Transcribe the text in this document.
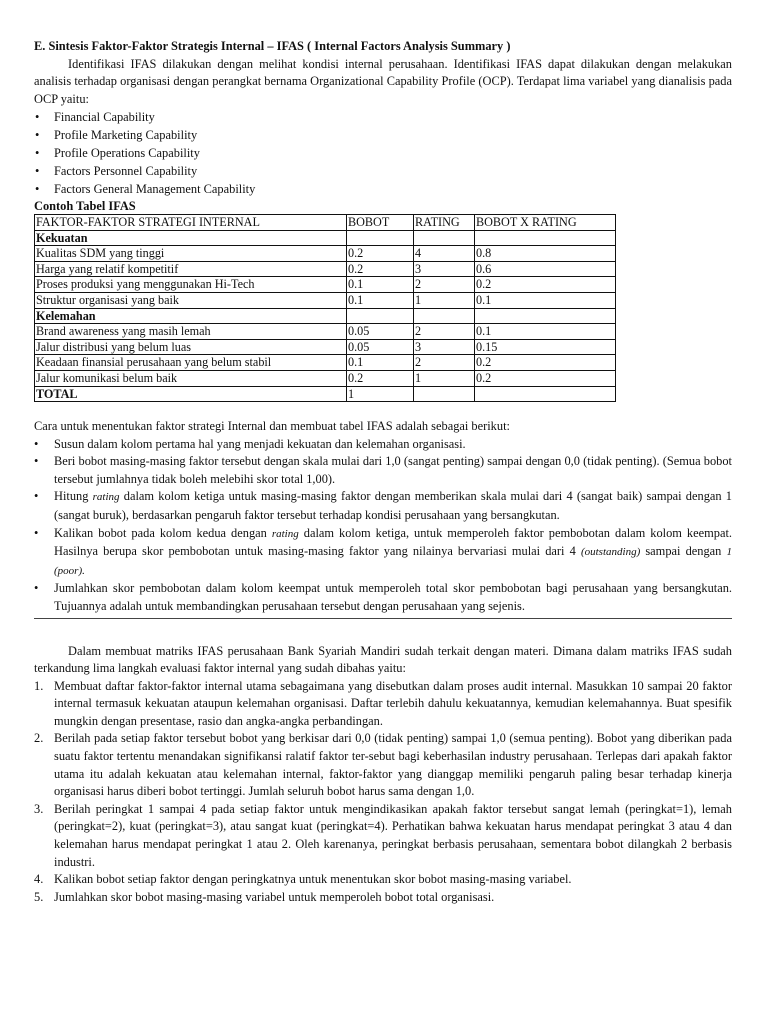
E. Sintesis Faktor-Faktor Strategis Internal – IFAS ( Internal Factors Analysis Summary )

Identifikasi IFAS dilakukan dengan melihat kondisi internal perusahaan. Identifikasi IFAS dapat dilakukan dengan melakukan analisis terhadap organisasi dengan perangkat bernama Organizational Capability Profile (OCP). Terdapat lima variabel yang dianalisis pada OCP yaitu:

• Financial Capability
• Profile Marketing Capability
• Profile Operations Capability
• Factors Personnel Capability
• Factors General Management Capability
Contoh Tabel IFAS
FAKTOR-FAKTOR STRATEGI INTERNAL	BOBOT	RATING	BOBOT X RATING
Kekuatan			
Kualitas SDM yang tinggi	0.2	4	0.8
Harga yang relatif kompetitif	0.2	3	0.6
Proses produksi yang menggunakan Hi-Tech	0.1	2	0.2
Struktur organisasi yang baik	0.1	1	0.1
Kelemahan			
Brand awareness yang masih lemah	0.05	2	0.1
Jalur distribusi yang belum luas	0.05	3	0.15
Keadaan finansial perusahaan yang belum stabil	0.1	2	0.2
Jalur komunikasi belum baik	0.2	1	0.2
TOTAL	1		

Cara untuk menentukan faktor strategi Internal dan membuat tabel IFAS adalah sebagai berikut:

• Susun dalam kolom pertama hal yang menjadi kekuatan dan kelemahan organisasi.
• Beri bobot masing-masing faktor tersebut dengan skala mulai dari 1,0 (sangat penting) sampai dengan 0,0 (tidak penting). (Semua bobot tersebut jumlahnya tidak boleh melebihi skor total 1,00).
• Hitung rating dalam kolom ketiga untuk masing-masing faktor dengan memberikan skala mulai dari 4 (sangat baik) sampai dengan 1 (sangat buruk), berdasarkan pengaruh faktor tersebut terhadap kondisi perusahaan yang bersangkutan.
• Kalikan bobot pada kolom kedua dengan rating dalam kolom ketiga, untuk memperoleh faktor pembobotan dalam kolom keempat. Hasilnya berupa skor pembobotan untuk masing-masing faktor yang nilainya bervariasi mulai dari 4 (outstanding) sampai dengan 1 (poor).
• Jumlahkan skor pembobotan dalam kolom keempat untuk memperoleh total skor pembobotan bagi perusahaan yang bersangkutan. Tujuannya adalah untuk membandingkan perusahaan tersebut dengan perusahaan yang sejenis.

Dalam membuat matriks IFAS perusahaan Bank Syariah Mandiri sudah terkait dengan materi. Dimana dalam matriks IFAS sudah terkandung lima langkah evaluasi faktor internal yang sudah dibahas yaitu:

1. Membuat daftar faktor-faktor internal utama sebagaimana yang disebutkan dalam proses audit internal. Masukkan 10 sampai 20 faktor internal termasuk kekuatan ataupun kelemahan organisasi. Daftar terlebih dahulu kekuatannya, kemudian kelemahannya. Buat spesifik mungkin dengan presentase, rasio dan angka-angka perbandingan.
2. Berilah pada setiap faktor tersebut bobot yang berkisar dari 0,0 (tidak penting) sampai 1,0 (semua penting). Bobot yang diberikan pada suatu faktor tertentu menandakan signifikansi ralatif faktor ter-sebut bagi keberhasilan industry perusahaan. Terlepas dari apakah faktor utama itu adalah kekuatan atau kelemahan internal, faktor-faktor yang dianggap memiliki pengaruh paling besar terhadap kinerja organisasi harus diberi bobot tertinggi. Jumlah seluruh bobot harus sama dengan 1,0.
3. Berilah peringkat 1 sampai 4 pada setiap faktor untuk mengindikasikan apakah faktor tersebut sangat lemah (peringkat=1), lemah (peringkat=2), kuat (peringkat=3), atau sangat kuat (peringkat=4). Perhatikan bahwa kekuatan harus mendapat peringkat 3 atau 4 dan kelemahan harus mendapat peringkat 1 atau 2. Oleh karenanya, peringkat berbasis perusahaan, sementara bobot dilangkah 2 berbasis industri.
4. Kalikan bobot setiap faktor dengan peringkatnya untuk menentukan skor bobot masing-masing variabel.
5. Jumlahkan skor bobot masing-masing variabel untuk memperoleh bobot total organisasi.
